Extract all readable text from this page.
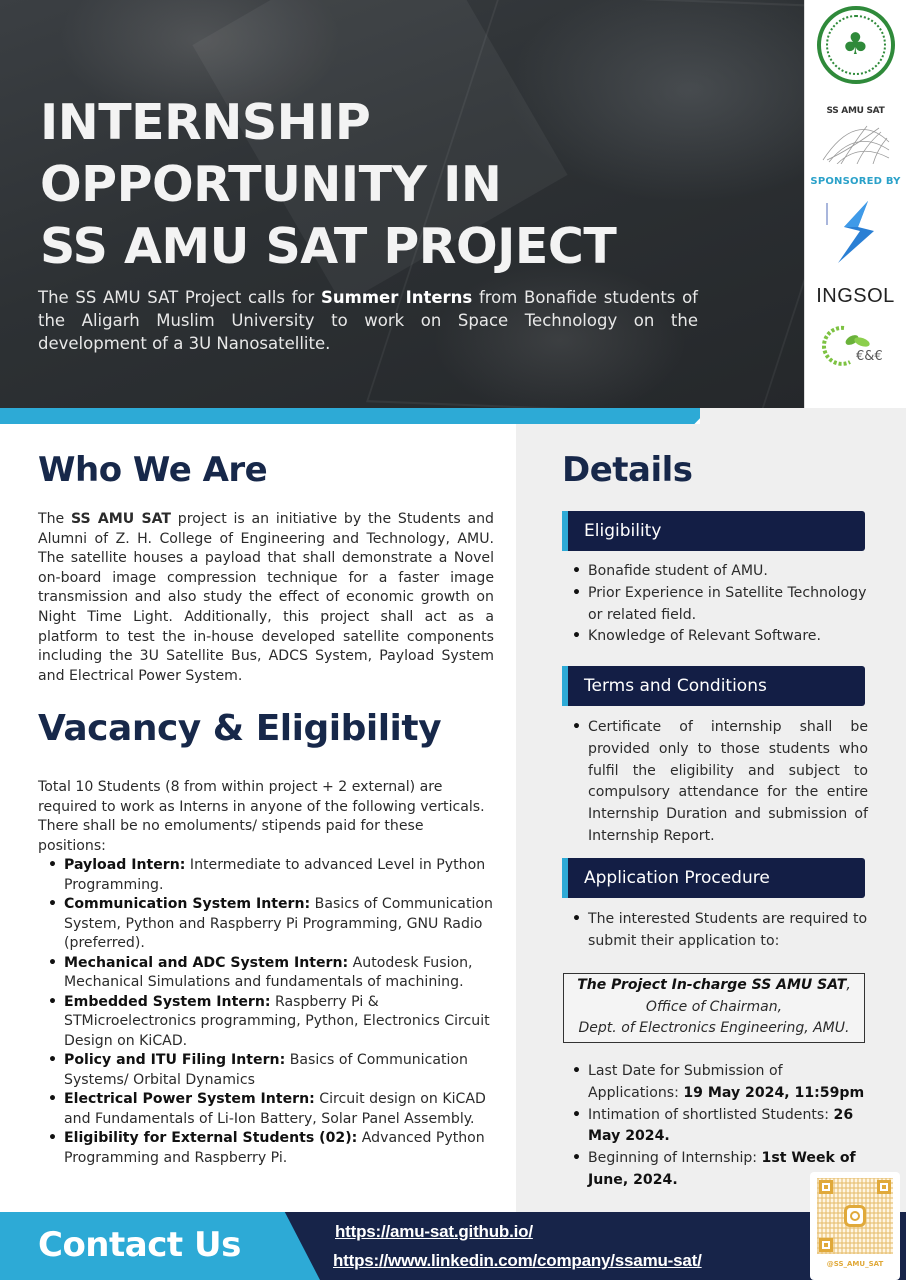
INTERNSHIP
OPPORTUNITY IN
SS AMU SAT PROJECT

The SS AMU SAT Project calls for Summer Interns from Bonafide students of the Aligarh Muslim University to work on Space Technology on the development of a 3U Nanosatellite.

♣
SS AMU SAT
SPONSORED BY
INGSOL
€&€
Who We Are

The SS AMU SAT project is an initiative by the Students and Alumni of Z. H. College of Engineering and Technology, AMU. The satellite houses a payload that shall demonstrate a Novel on-board image compression technique for a faster image transmission and also study the effect of economic growth on Night Time Light. Additionally, this project shall act as a platform to test the in-house developed satellite components including the 3U Satellite Bus, ADCS System, Payload System and Electrical Power System.

Vacancy & Eligibility

Total 10 Students (8 from within project + 2 external) are required to work as Interns in anyone of the following verticals. There shall be no emoluments/ stipends paid for these positions:

• Payload Intern: Intermediate to advanced Level in Python Programming.
• Communication System Intern: Basics of Communication System, Python and Raspberry Pi Programming, GNU Radio (preferred).
• Mechanical and ADC System Intern: Autodesk Fusion, Mechanical Simulations and fundamentals of machining.
• Embedded System Intern: Raspberry Pi & STMicroelectronics programming, Python, Electronics Circuit Design on KiCAD.
• Policy and ITU Filing Intern: Basics of Communication Systems/ Orbital Dynamics
• Electrical Power System Intern: Circuit design on KiCAD and Fundamentals of Li-Ion Battery, Solar Panel Assembly.
• Eligibility for External Students (02): Advanced Python Programming and Raspberry Pi.
Details
Eligibility
• Bonafide student of AMU.
• Prior Experience in Satellite Technology or related field.
• Knowledge of Relevant Software.
Terms and Conditions
• Certificate of internship shall be provided only to those students who fulfil the eligibility and subject to compulsory attendance for the entire Internship Duration and submission of Internship Report.
Application Procedure
• The interested Students are required to submit their application to:
The Project In-charge SS AMU SAT,
Office of Chairman,
Dept. of Electronics Engineering, AMU.
• Last Date for Submission of Applications: 19 May 2024, 11:59pm
• Intimation of shortlisted Students: 26 May 2024.
• Beginning of Internship: 1st Week of June, 2024.
Contact Us	https://amu-sat.github.io/
https://www.linkedin.com/company/ssamu-sat/	@SS_AMU_SAT
